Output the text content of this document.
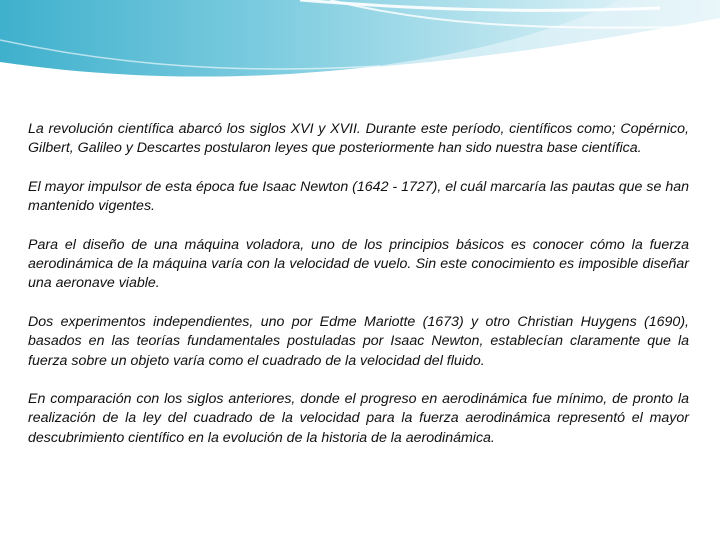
La revolución científica abarcó los siglos XVI y XVII. Durante este período, científicos como; Copérnico, Gilbert, Galileo y Descartes postularon leyes que posteriormente han sido nuestra base científica.

El mayor impulsor de esta época fue Isaac Newton (1642 - 1727), el cuál marcaría las pautas que se han mantenido vigentes.

Para el diseño de una máquina voladora, uno de los principios básicos es conocer cómo la fuerza aerodinámica de la máquina varía con la velocidad de vuelo. Sin este conocimiento es imposible diseñar una aeronave viable.

Dos experimentos independientes, uno por Edme Mariotte (1673) y otro Christian Huygens (1690), basados en las teorías fundamentales postuladas por Isaac Newton, establecían claramente que la fuerza sobre un objeto varía como el cuadrado de la velocidad del fluido.

En comparación con los siglos anteriores, donde el progreso en aerodinámica fue mínimo, de pronto la realización de la ley del cuadrado de la velocidad para la fuerza aerodinámica representó el mayor descubrimiento científico en la evolución de la historia de la aerodinámica.
